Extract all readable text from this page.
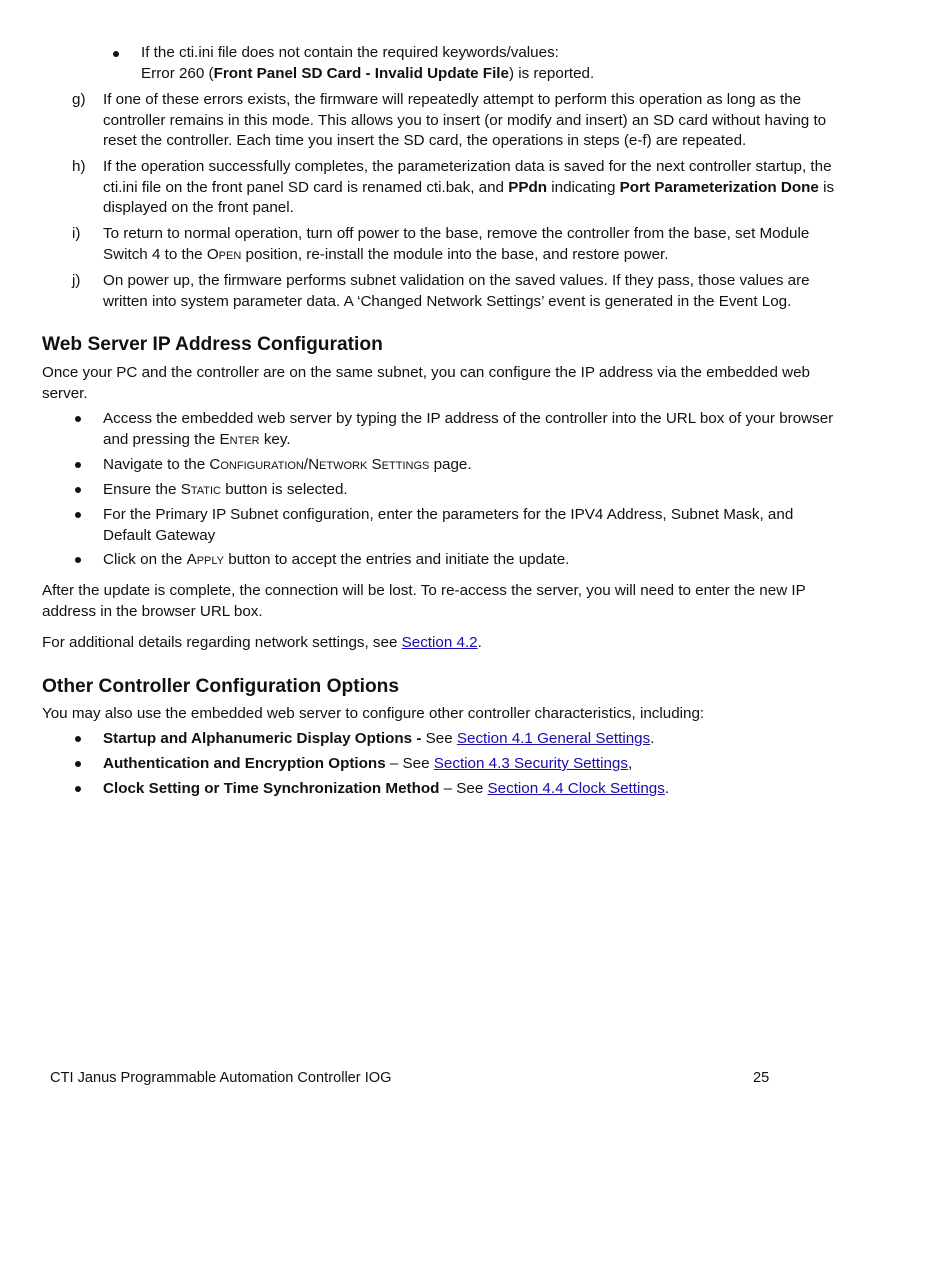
If the cti.ini file does not contain the required keywords/values:
Error 260 (Front Panel SD Card - Invalid Update File) is reported.
g) If one of these errors exists, the firmware will repeatedly attempt to perform this operation as long as the controller remains in this mode. This allows you to insert (or modify and insert) an SD card without having to reset the controller. Each time you insert the SD card, the operations in steps (e-f) are repeated.
h) If the operation successfully completes, the parameterization data is saved for the next controller startup, the cti.ini file on the front panel SD card is renamed cti.bak, and PPdn indicating Port Parameterization Done is displayed on the front panel.
i) To return to normal operation, turn off power to the base, remove the controller from the base, set Module Switch 4 to the Open position, re-install the module into the base, and restore power.
j) On power up, the firmware performs subnet validation on the saved values. If they pass, those values are written into system parameter data. A ‘Changed Network Settings’ event is generated in the Event Log.
Web Server IP Address Configuration
Once your PC and the controller are on the same subnet, you can configure the IP address via the embedded web server.
Access the embedded web server by typing the IP address of the controller into the URL box of your browser and pressing the Enter key.
Navigate to the Configuration/Network Settings page.
Ensure the Static button is selected.
For the Primary IP Subnet configuration, enter the parameters for the IPV4 Address, Subnet Mask, and Default Gateway
Click on the Apply button to accept the entries and initiate the update.
After the update is complete, the connection will be lost. To re-access the server, you will need to enter the new IP address in the browser URL box.
For additional details regarding network settings, see Section 4.2.
Other Controller Configuration Options
You may also use the embedded web server to configure other controller characteristics, including:
Startup and Alphanumeric Display Options - See Section 4.1 General Settings.
Authentication and Encryption Options – See Section 4.3 Security Settings,
Clock Setting or Time Synchronization Method – See Section 4.4 Clock Settings.
CTI Janus Programmable Automation Controller IOG	25
